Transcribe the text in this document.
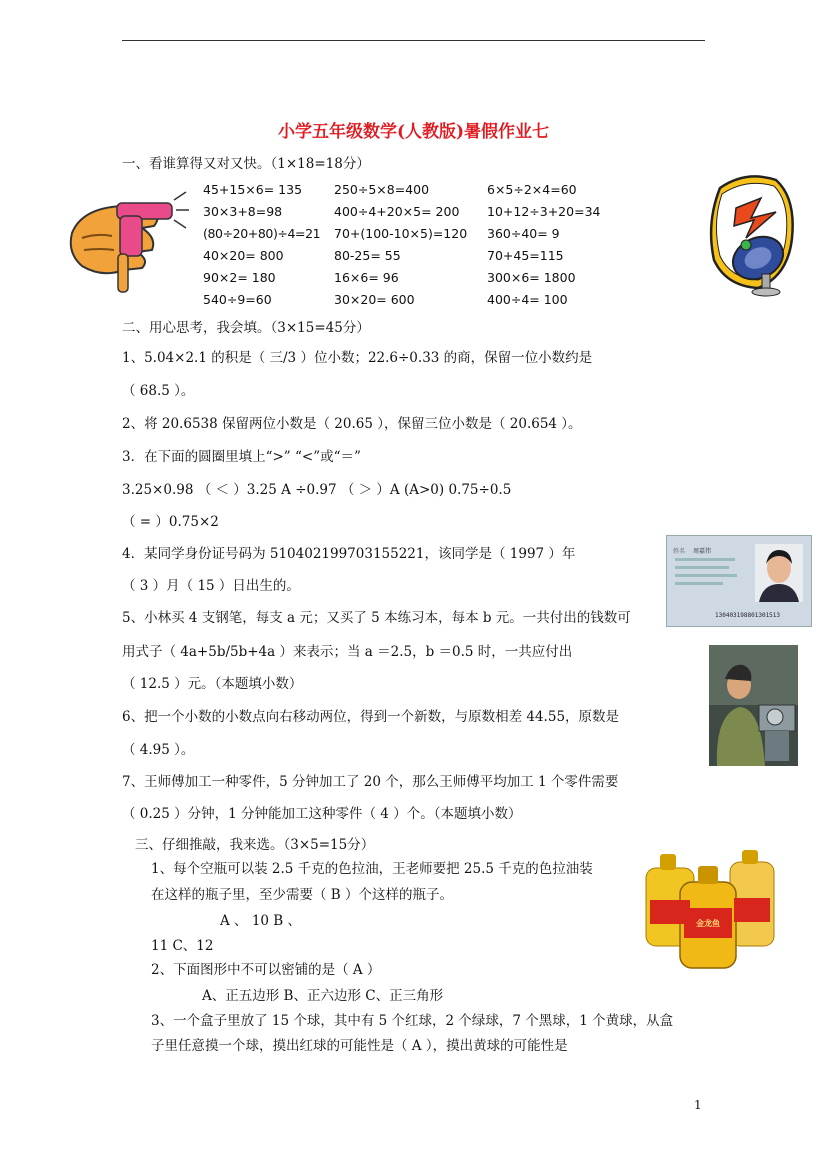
小学五年级数学(人教版)暑假作业七
一、看谁算得又对又快。（1×18=18分）
45+15×6= 135	250÷5×8=400	6×5÷2×4=60
30×3+8=98	400÷4+20×5= 200 10+12÷3+20=34
(80÷20+80)÷4=21 70+(100-10×5)=120 360÷40= 9
40×20= 800	80-25= 55	70+45=115
90×2= 180	16×6= 96	300×6= 1800
540÷9=60	30×20= 600	400÷4= 100
二、用心思考，我会填。（3×15=45分）
1、5.04×2.1 的积是（ 三/3 ）位小数；22.6÷0.33 的商，保留一位小数约是
（ 68.5 ）。
2、将 20.6538 保留两位小数是（ 20.65 ），保留三位小数是（ 20.654 ）。
3．在下面的圆圈里填上“>” “<”或“＝”
3.25×0.98 （ ＜ ）3.25 A ÷0.97 （ ＞ ）A (A>0) 0.75÷0.5
（ = ）0.75×2
4．某同学身份证号码为 510402199703155221，该同学是（ 1997 ）年
（ 3 ）月（ 15 ）日出生的。
5、小林买 4 支钢笔，每支 a 元；又买了 5 本练习本，每本 b 元。一共付出的钱数可
用式子（ 4a+5b/5b+4a ）来表示；当 a ＝2.5，b ＝0.5 时，一共应付出
（ 12.5 ）元。（本题填小数）
6、把一个小数的小数点向右移动两位，得到一个新数，与原数相差 44.55，原数是
（ 4.95 ）。
7、王师傅加工一种零件，5 分钟加工了 20 个，那么王师傅平均加工 1 个零件需要
（ 0.25 ）分钟，1 分钟能加工这种零件（ 4 ）个。（本题填小数）
姓名 周嘉伟
130403198801301513
三、仔细推敲，我来选。（3×5=15分）
1、每个空瓶可以装 2.5 千克的色拉油，王老师要把 25.5 千克的色拉油装
在这样的瓶子里，至少需要（ B ）个这样的瓶子。
A 、 10 B 、
11 C、12
2、下面图形中不可以密铺的是（ A ）
A、正五边形 B、正六边形 C、正三角形
3、一个盒子里放了 15 个球，其中有 5 个红球，2 个绿球，7 个黑球，1 个黄球，从盒
子里任意摸一个球，摸出红球的可能性是（ A ），摸出黄球的可能性是
金龙鱼
1
